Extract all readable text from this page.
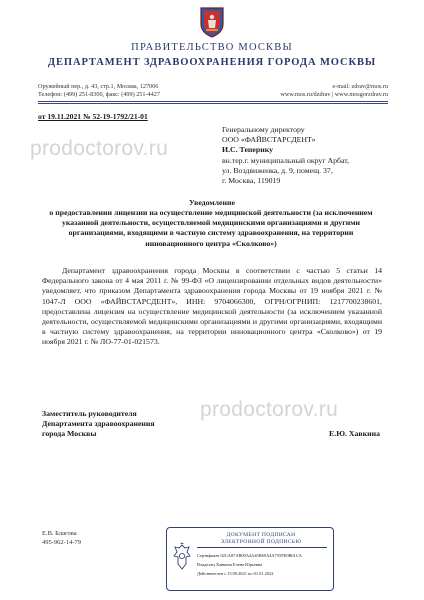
ПРАВИТЕЛЬСТВО МОСКВЫ
ДЕПАРТАМЕНТ ЗДРАВООХРАНЕНИЯ ГОРОДА МОСКВЫ
Оружейный пер., д. 43, стр.1, Москва, 127006
Телефон: (499) 251-8300, факс: (499) 251-4427
e-mail: zdrav@mos.ru
www.mos.ru/dzdrav | www.mosgorzdrav.ru
от 19.11.2021 № 52-19-1792/21-01
Генеральному директору
ООО «ФАЙВСТАРСДЕНТ»
И.С. Теперику
вн.тер.г. муниципальный округ Арбат,
ул. Воздвиженка, д. 9, помещ. 37,
г. Москва, 119019
prodoctorov.ru
Уведомление
о предоставлении лицензии на осуществление медицинской деятельности (за исключением указанной деятельности, осуществляемой медицинскими организациями и другими организациями, входящими в частную систему здравоохранения, на территории инновационного центра «Сколково»)
Департамент здравоохранения города Москвы в соответствии с частью 5 статьи 14 Федерального закона от 4 мая 2011 г. № 99-ФЗ «О лицензировании отдельных видов деятельности» уведомляет, что приказом Департамента здравоохранения города Москвы от 19 ноября 2021 г. № 1047-Л ООО «ФАЙВСТАРСДЕНТ», ИНН: 9704066300, ОГРН/ОГРНИП: 1217700238601, предоставлена лицензия на осуществление медицинской деятельности (за исключением указанной деятельности, осуществляемой медицинскими организациями и другими организациями, входящими в частную систему здравоохранения, на территории инновационного центра «Сколково») от 19 ноября 2021 г. № ЛО-77-01-021573.
prodoctorov.ru
Заместитель руководителя
Департамента здравоохранения
города Москвы	Е.Ю. Хавкина
Е.В. Благова
495-962-14-79
ДОКУМЕНТ ПОДПИСАН
ЭЛЕКТРОННОЙ ПОДПИСЬЮ
Сертификат 02CA87AB00A4A45B69A4A755FE0B01CA
Владелец Хавкина Елена Юрьевна
Действителен с 15.09.2021 по 01.01.2022
